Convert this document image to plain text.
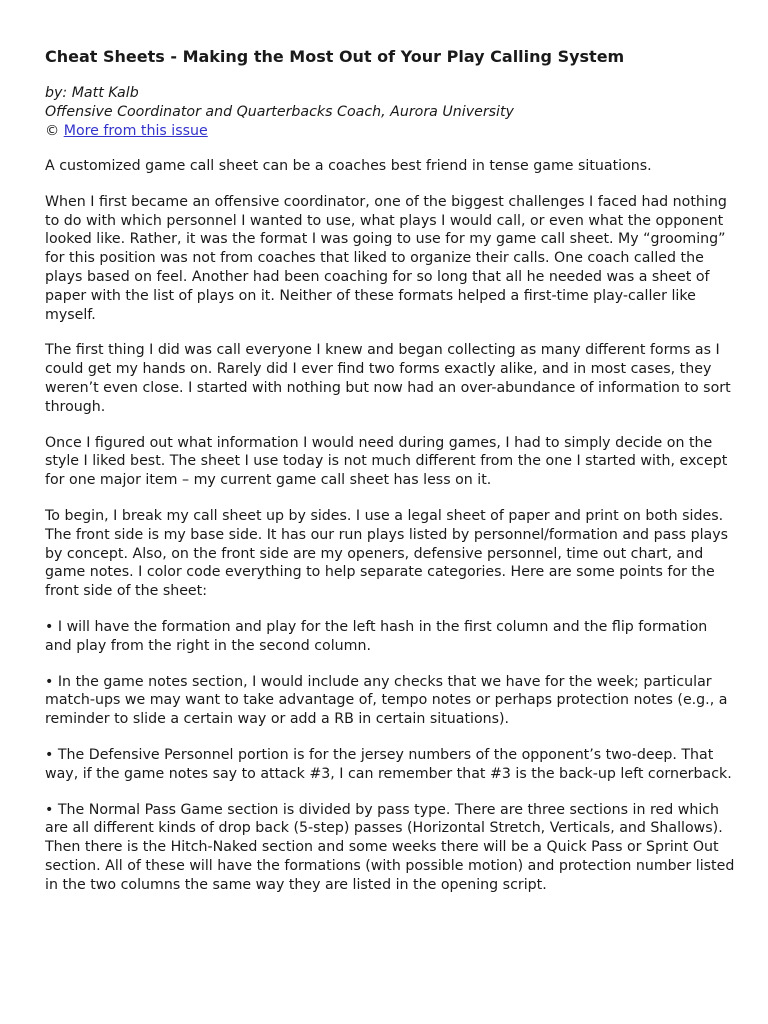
Cheat Sheets - Making the Most Out of Your Play Calling System

by: Matt Kalb

Offensive Coordinator and Quarterbacks Coach, Aurora University

© More from this issue

A customized game call sheet can be a coaches best friend in tense game situations.

When I first became an offensive coordinator, one of the biggest challenges I faced had nothing to do with which personnel I wanted to use, what plays I would call, or even what the opponent looked like. Rather, it was the format I was going to use for my game call sheet. My “grooming” for this position was not from coaches that liked to organize their calls. One coach called the plays based on feel. Another had been coaching for so long that all he needed was a sheet of paper with the list of plays on it. Neither of these formats helped a first-time play-caller like myself.

The first thing I did was call everyone I knew and began collecting as many different forms as I could get my hands on. Rarely did I ever find two forms exactly alike, and in most cases, they weren’t even close. I started with nothing but now had an over-abundance of information to sort through.

Once I figured out what information I would need during games, I had to simply decide on the style I liked best. The sheet I use today is not much different from the one I started with, except for one major item – my current game call sheet has less on it.

To begin, I break my call sheet up by sides. I use a legal sheet of paper and print on both sides. The front side is my base side. It has our run plays listed by personnel/formation and pass plays by concept. Also, on the front side are my openers, defensive personnel, time out chart, and game notes. I color code everything to help separate categories. Here are some points for the front side of the sheet:

• I will have the formation and play for the left hash in the first column and the flip formation and play from the right in the second column.

• In the game notes section, I would include any checks that we have for the week; particular match-ups we may want to take advantage of, tempo notes or perhaps protection notes (e.g., a reminder to slide a certain way or add a RB in certain situations).

• The Defensive Personnel portion is for the jersey numbers of the opponent’s two-deep. That way, if the game notes say to attack #3, I can remember that #3 is the back-up left cornerback.

• The Normal Pass Game section is divided by pass type. There are three sections in red which are all different kinds of drop back (5-step) passes (Horizontal Stretch, Verticals, and Shallows). Then there is the Hitch-Naked section and some weeks there will be a Quick Pass or Sprint Out section. All of these will have the formations (with possible motion) and protection number listed in the two columns the same way they are listed in the opening script.
